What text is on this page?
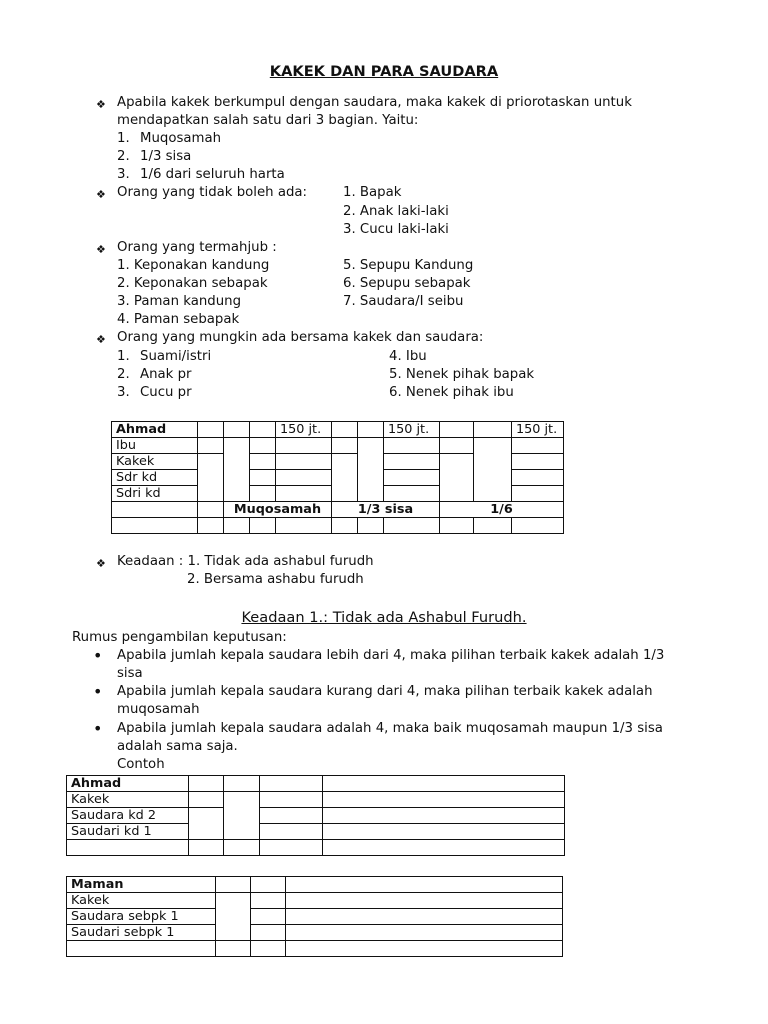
KAKEK DAN PARA SAUDARA
❖ Apabila kakek berkumpul dengan saudara, maka kakek di priorotaskan untuk
mendapatkan salah satu dari 3 bagian. Yaitu:
1. Muqosamah
2. 1/3 sisa
3. 1/6 dari seluruh harta
❖ Orang yang tidak boleh ada:	1. Bapak
2. Anak laki-laki
3. Cucu laki-laki
❖ Orang yang termahjub :
1. Keponakan kandung
2. Keponakan sebapak
3. Paman kandung
4. Paman sebapak
5. Sepupu Kandung
6. Sepupu sebapak
7. Saudara/I seibu
❖ Orang yang mungkin ada bersama kakek dan saudara:
1. Suami/istri
2. Anak pr
3. Cucu pr
4. Ibu
5. Nenek pihak bapak
6. Nenek pihak ibu
Ahmad				150 jt.			150 jt.			150 jt.
Ibu										
Kakek										
Sdr kd										
Sdri kd										
		Muqosamah			1/3 sisa			1/6		

❖ Keadaan : 1. Tidak ada ashabul furudh
2. Bersama ashabu furudh
Keadaan 1.: Tidak ada Ashabul Furudh.
Rumus pengambilan keputusan:
• Apabila jumlah kepala saudara lebih dari 4, maka pilihan terbaik kakek adalah 1/3
sisa
• Apabila jumlah kepala saudara kurang dari 4, maka pilihan terbaik kakek adalah
muqosamah
• Apabila jumlah kepala saudara adalah 4, maka baik muqosamah maupun 1/3 sisa
adalah sama saja.
Contoh
Ahmad				
Kakek				
Saudara kd 2				
Saudari kd 1				

Maman			
Kakek			
Saudara sebpk 1			
Saudari sebpk 1			
